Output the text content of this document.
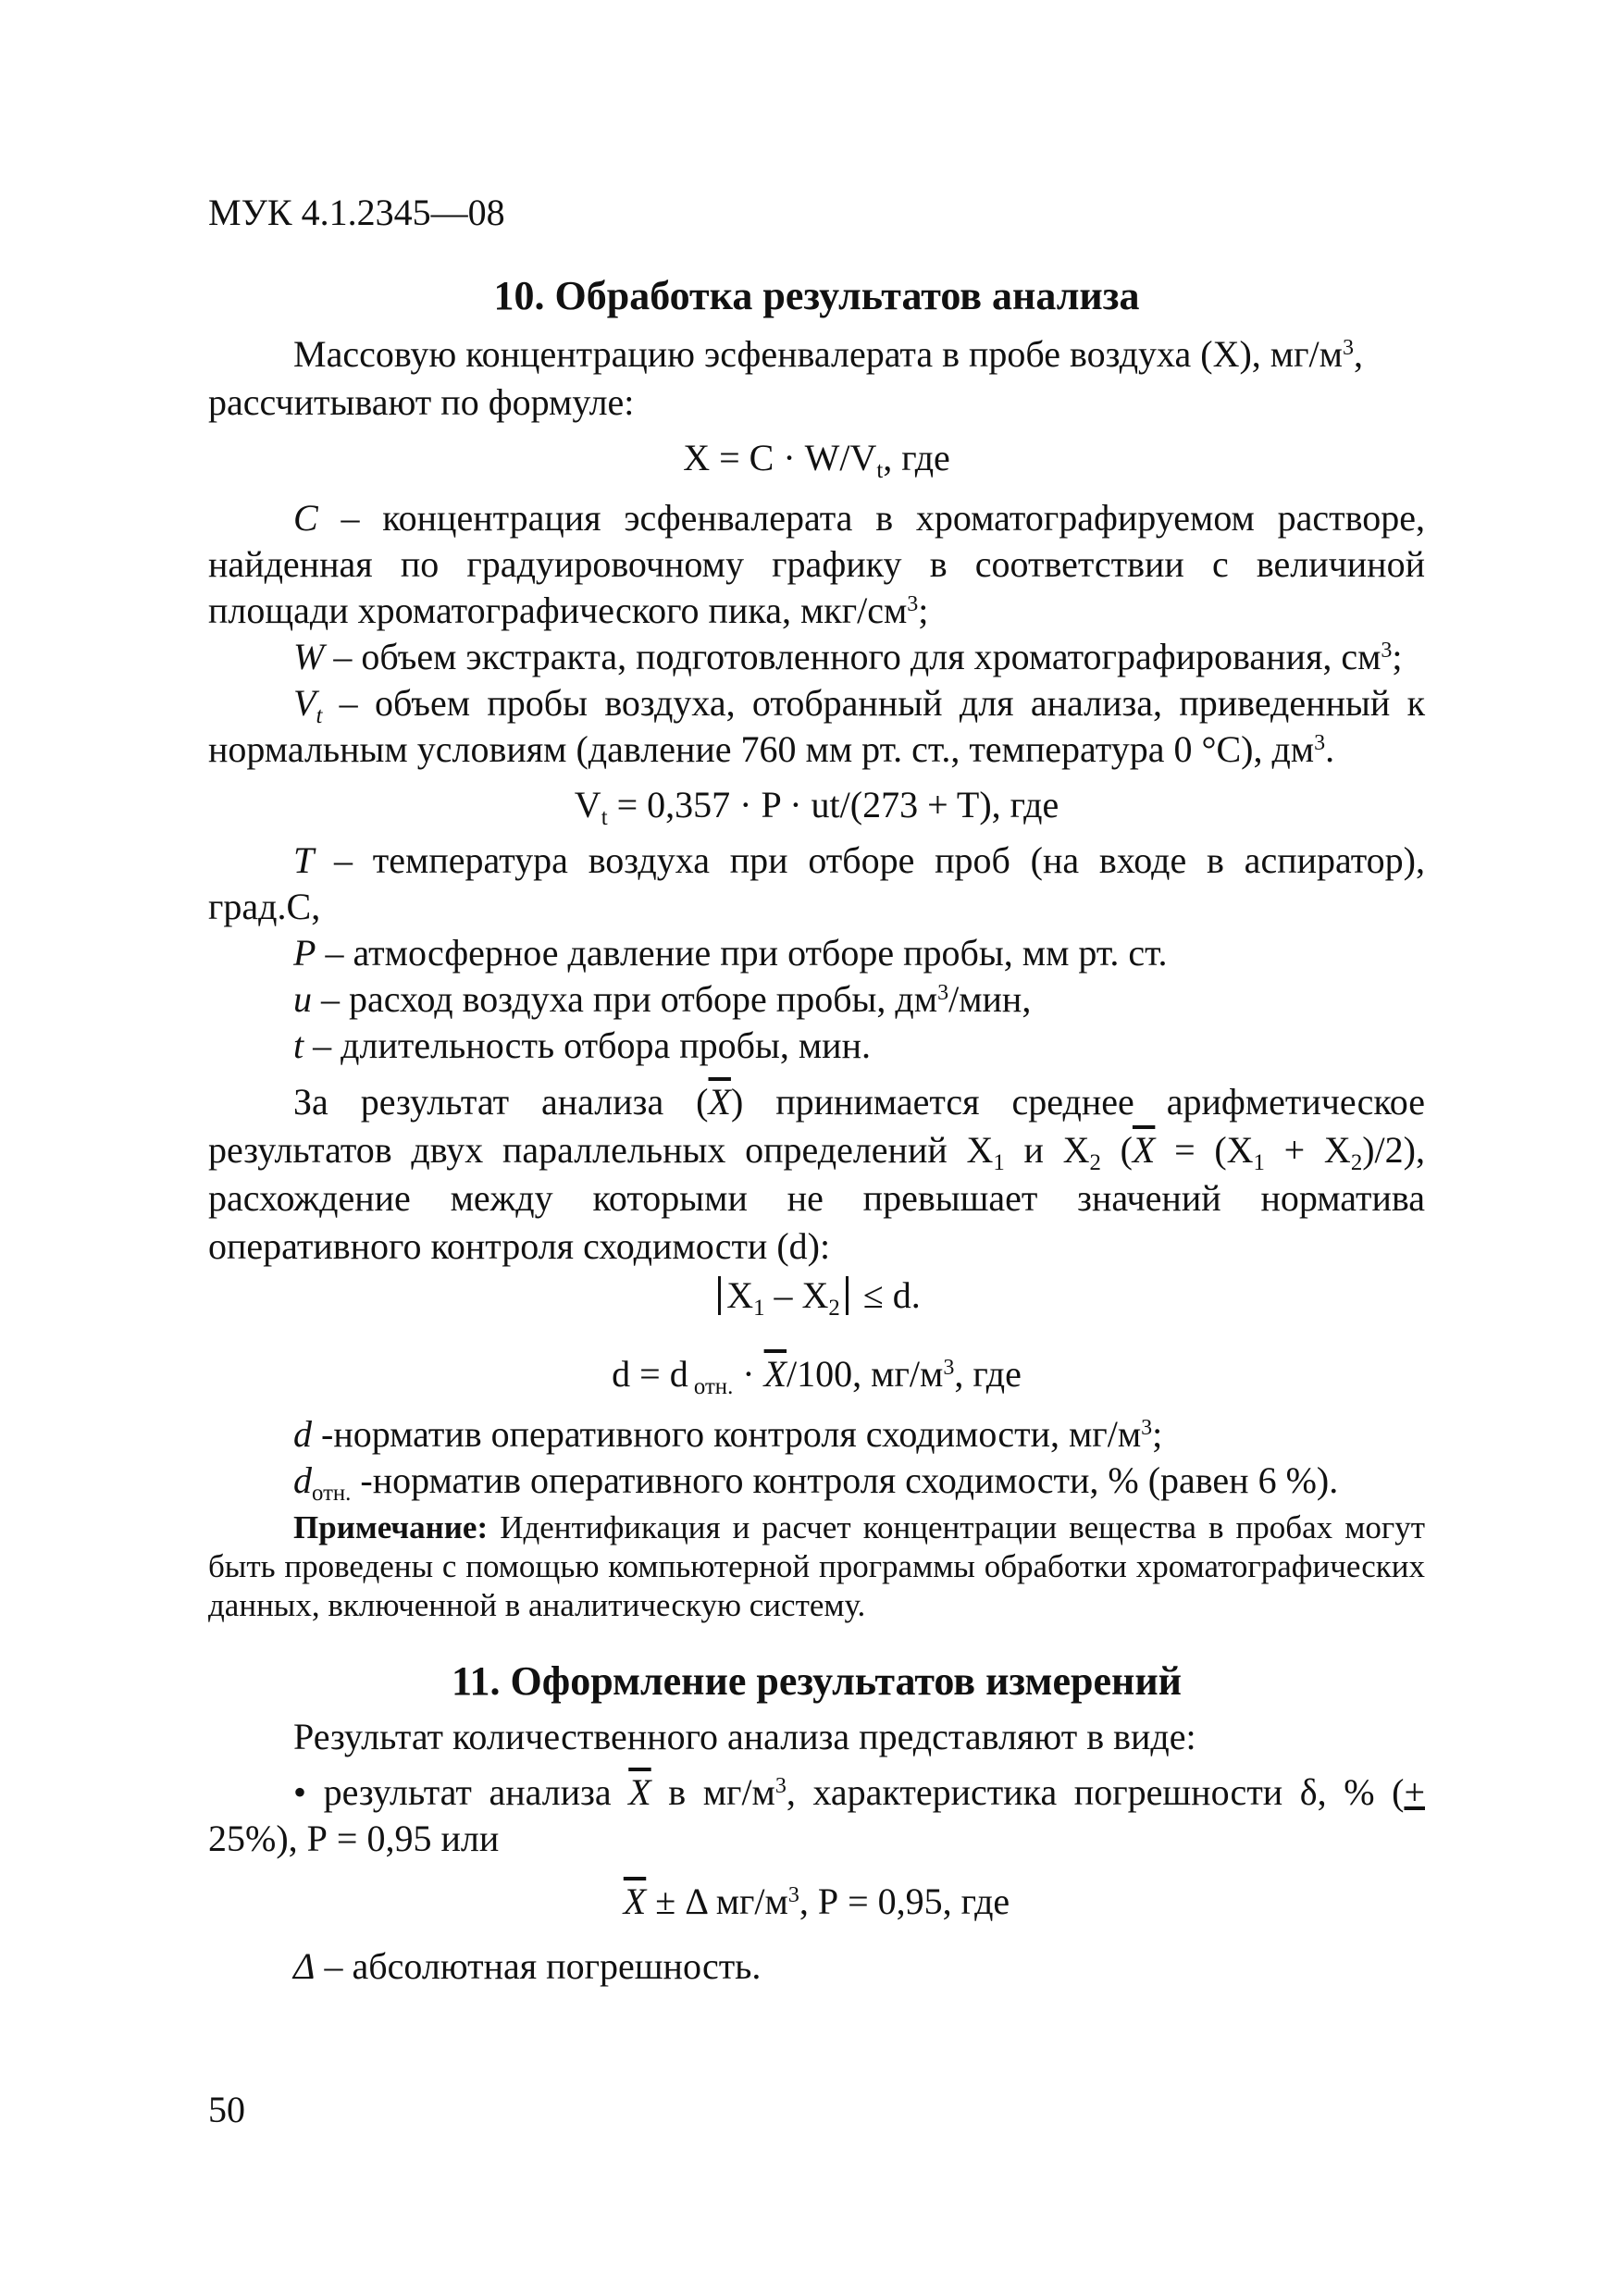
МУК 4.1.2345—08
10. Обработка результатов анализа
Массовую концентрацию эсфенвалерата в пробе воздуха (Х), $мг/м^3$,
рассчитывают по формуле:
$Х = С \cdot W/V_t$, где
С – концентрация эсфенвалерата в хроматографируемом растворе, найденная по градуировочному графику в соответствии с величиной площади хроматографического пика, мкг/$см^3$;
W – объем экстракта, подготовленного для хроматографирования, $см^3$;
$V_t$ – объем пробы воздуха, отобранный для анализа, приведенный к нормальным условиям (давление 760 мм рт. ст., температура 0 °С), $дм^3$.
$V_t = 0,357 \cdot P \cdot ut/(273 + T)$, где
Т – температура воздуха при отборе проб (на входе в аспиратор), град.С,
Р – атмосферное давление при отборе пробы, мм рт. ст.
u – расход воздуха при отборе пробы, $дм^3$/мин,
t – длительность отбора пробы, мин.
За результат анализа $(\overline{X})$ принимается среднее арифметическое результатов двух параллельных определений $Х_1$ и $Х_2$ $(\overline{X} = (Х_1 + Х_2)/2)$, расхождение между которыми не превышает значений норматива оперативного контроля сходимости (d):
$Х_1 - Х_2 \le d$.
d = d $_{отн.} \cdot \overline{X}/100$, $мг/м^3$, где
d -норматив оперативного контроля сходимости, $мг/м^3$;
$d_{отн.}$ -норматив оперативного контроля сходимости, % (равен 6 %).
Примечание: Идентификация и расчет концентрации вещества в пробах могут быть проведены с помощью компьютерной программы обработки хроматографических данных, включенной в аналитическую систему.
11. Оформление результатов измерений
Результат количественного анализа представляют в виде:
• результат анализа $\overline{X}$ в $мг/м^3$, характеристика погрешности δ, % (+ 25%), Р = 0,95 или
$\overline{X} \pm \Delta$ $мг/м^3$, Р = 0,95, где
Δ – абсолютная погрешность.
50
